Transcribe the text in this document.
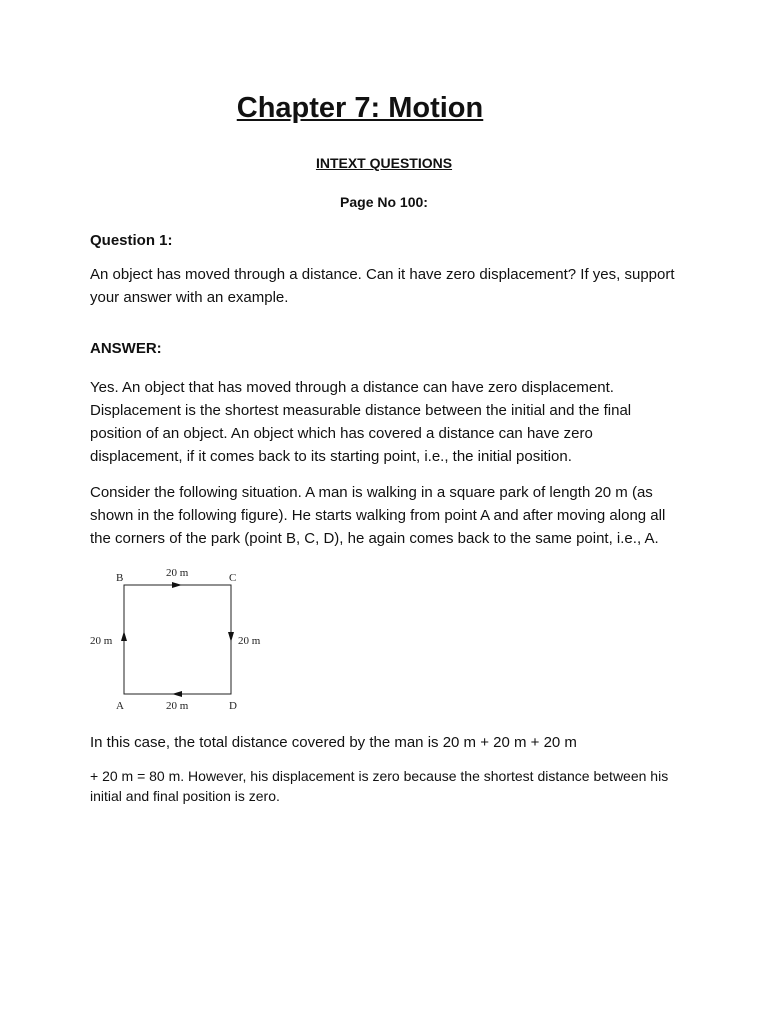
Chapter 7: Motion
INTEXT QUESTIONS
Page No 100:
Question 1:
An object has moved through a distance. Can it have zero displacement? If yes, support your answer with an example.
ANSWER:
Yes. An object that has moved through a distance can have zero displacement. Displacement is the shortest measurable distance between the initial and the final position of an object. An object which has covered a distance can have zero displacement, if it comes back to its starting point, i.e., the initial position.
Consider the following situation. A man is walking in a square park of length 20 m (as shown in the following figure). He starts walking from point A and after moving along all the corners of the park (point B, C, D), he again comes back to the same point, i.e., A.
B	C
A	D
20 m
20 m	20 m
20 m
In this case, the total distance covered by the man is 20 m + 20 m + 20 m
+ 20 m = 80 m. However, his displacement is zero because the shortest distance between his initial and final position is zero.
